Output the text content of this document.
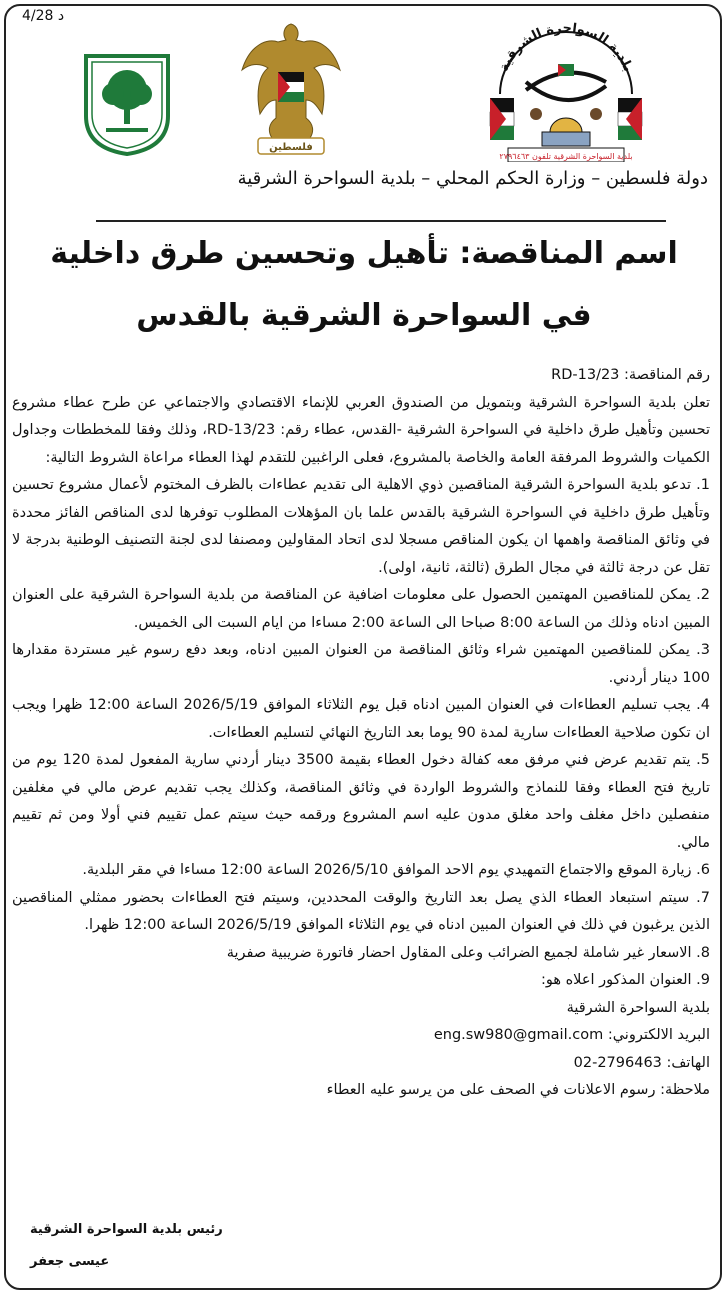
4/28 د
بلدية السواحرة الشرقية
بلدية السواحرة الشرقية تلفون ٢٧٩٦٤٦٣
فلسطين
دولة فلسطين – وزارة الحكم المحلي – بلدية السواحرة الشرقية
اسم المناقصة: تأهيل وتحسين طرق داخلية
في السواحرة الشرقية بالقدس

رقم المناقصة: RD-13/23

تعلن بلدية السواحرة الشرقية وبتمويل من الصندوق العربي للإنماء الاقتصادي والاجتماعي عن طرح عطاء مشروع تحسين وتأهيل طرق داخلية في السواحرة الشرقية -القدس، عطاء رقم: RD-13/23، وذلك وفقا للمخططات وجداول الكميات والشروط المرفقة العامة والخاصة بالمشروع، فعلى الراغبين للتقدم لهذا العطاء مراعاة الشروط التالية:

1. تدعو بلدية السواحرة الشرقية المناقصين ذوي الاهلية الى تقديم عطاءات بالظرف المختوم لأعمال مشروع تحسين وتأهيل طرق داخلية في السواحرة الشرقية بالقدس علما بان المؤهلات المطلوب توفرها لدى المناقص الفائز محددة في وثائق المناقصة واهمها ان يكون المناقص مسجلا لدى اتحاد المقاولين ومصنفا لدى لجنة التصنيف الوطنية بدرجة لا تقل عن درجة ثالثة في مجال الطرق (ثالثة، ثانية، اولى).

2. يمكن للمناقصين المهتمين الحصول على معلومات اضافية عن المناقصة من بلدية السواحرة الشرقية على العنوان المبين ادناه وذلك من الساعة 8:00 صباحا الى الساعة 2:00 مساءا من ايام السبت الى الخميس.

3. يمكن للمناقصين المهتمين شراء وثائق المناقصة من العنوان المبين ادناه، وبعد دفع رسوم غير مستردة مقدارها 100 دينار أردني.

4. يجب تسليم العطاءات في العنوان المبين ادناه قبل يوم الثلاثاء الموافق 2026/5/19 الساعة 12:00 ظهرا ويجب ان تكون صلاحية العطاءات سارية لمدة 90 يوما بعد التاريخ النهائي لتسليم العطاءات.

5. يتم تقديم عرض فني مرفق معه كفالة دخول العطاء بقيمة 3500 دينار أردني سارية المفعول لمدة 120 يوم من تاريخ فتح العطاء وفقا للنماذج والشروط الواردة في وثائق المناقصة، وكذلك يجب تقديم عرض مالي في مغلفين منفصلين داخل مغلف واحد مغلق مدون عليه اسم المشروع ورقمه حيث سيتم عمل تقييم فني أولا ومن ثم تقييم مالي.

6. زيارة الموقع والاجتماع التمهيدي يوم الاحد الموافق 2026/5/10 الساعة 12:00 مساءا في مقر البلدية.

7. سيتم استبعاد العطاء الذي يصل بعد التاريخ والوقت المحددين، وسيتم فتح العطاءات بحضور ممثلي المناقصين الذين يرغبون في ذلك في العنوان المبين ادناه في يوم الثلاثاء الموافق 2026/5/19 الساعة 12:00 ظهرا.

8. الاسعار غير شاملة لجميع الضرائب وعلى المقاول احضار فاتورة ضريبية صفرية

9. العنوان المذكور اعلاه هو:

بلدية السواحرة الشرقية

البريد الالكتروني: eng.sw980@gmail.com

الهاتف: 02-2796463

ملاحظة: رسوم الاعلانات في الصحف على من يرسو عليه العطاء

رئيس بلدية السواحرة الشرقية
عيسى جعفر
